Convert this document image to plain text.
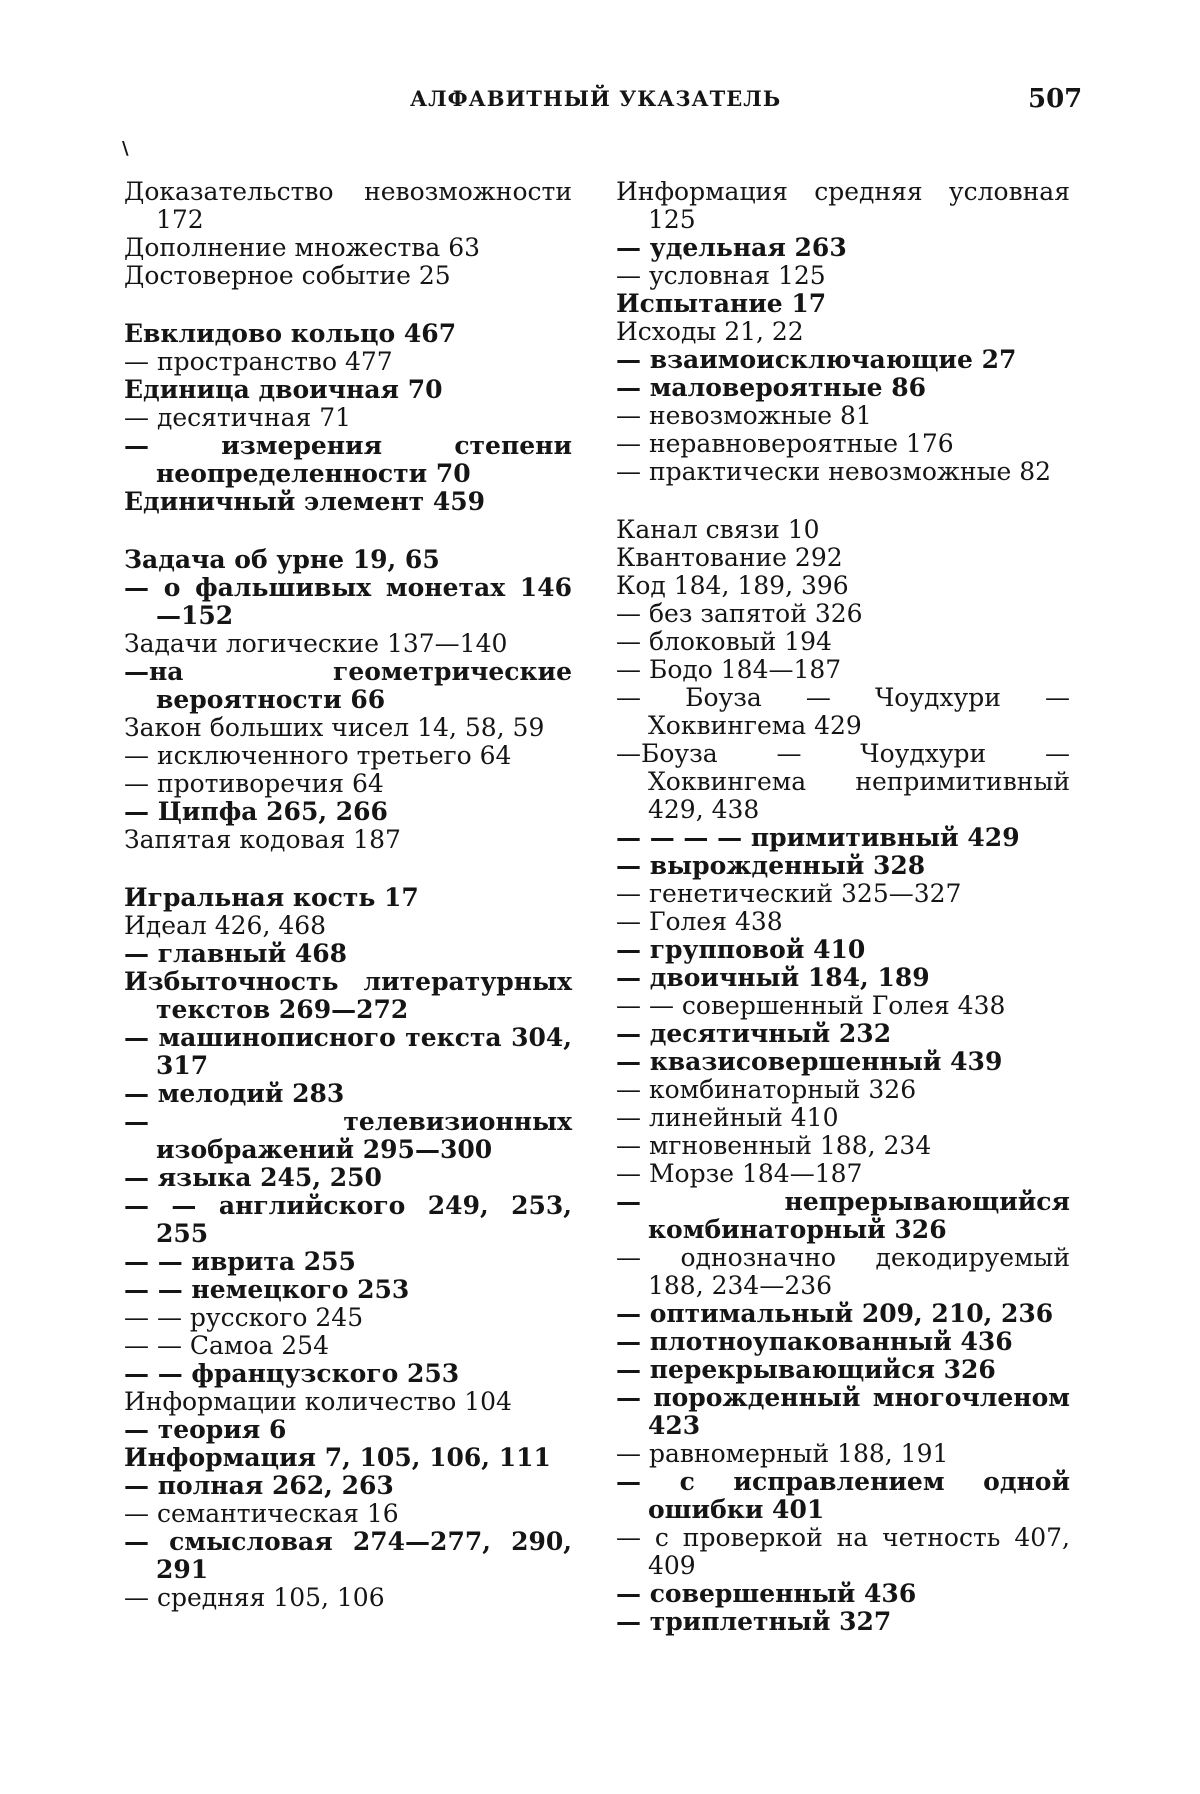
АЛФАВИТНЫЙ УКАЗАТЕЛЬ	507
\

Доказательство невозможности 172

Дополнение множества 63

Достоверное событие 25

Евклидово кольцо 467

— пространство 477

Единица двоичная 70

— десятичная 71

— измерения степени неопределенности 70

Единичный элемент 459

Задача об урне 19, 65

— о фальшивых монетах 146—152

Задачи логические 137—140

—на геометрические вероятности 66

Закон больших чисел 14, 58, 59

— исключенного третьего 64

— противоречия 64

— Ципфа 265, 266

Запятая кодовая 187

Игральная кость 17

Идеал 426, 468

— главный 468

Избыточность литературных текстов 269—272

— машинописного текста 304, 317

— мелодий 283

— телевизионных изображений 295—300

— языка 245, 250

— — английского 249, 253, 255

— — иврита 255

— — немецкого 253

— — русского 245

— — Самоа 254

— — французского 253

Информации количество 104

— теория 6

Информация 7, 105, 106, 111

— полная 262, 263

— семантическая 16

— смысловая 274—277, 290, 291

— средняя 105, 106

Информация средняя условная 125

— удельная 263

— условная 125

Испытание 17

Исходы 21, 22

— взаимоисключающие 27

— маловероятные 86

— невозможные 81

— неравновероятные 176

— практически невозможные 82

Канал связи 10

Квантование 292

Код 184, 189, 396

— без запятой 326

— блоковый 194

— Бодо 184—187

— Боуза — Чоудхури — Хоквингема 429

—Боуза — Чоудхури — Хоквингема непримитивный 429, 438

— — — — примитивный 429

— вырожденный 328

— генетический 325—327

— Голея 438

— групповой 410

— двоичный 184, 189

— — совершенный Голея 438

— десятичный 232

— квазисовершенный 439

— комбинаторный 326

— линейный 410

— мгновенный 188, 234

— Морзе 184—187

— непрерывающийся комбинаторный 326

— однозначно декодируемый 188, 234—236

— оптимальный 209, 210, 236

— плотноупакованный 436

— перекрывающийся 326

— порожденный многочленом 423

— равномерный 188, 191

— с исправлением одной ошибки 401

— с проверкой на четность 407, 409

— совершенный 436

— триплетный 327
